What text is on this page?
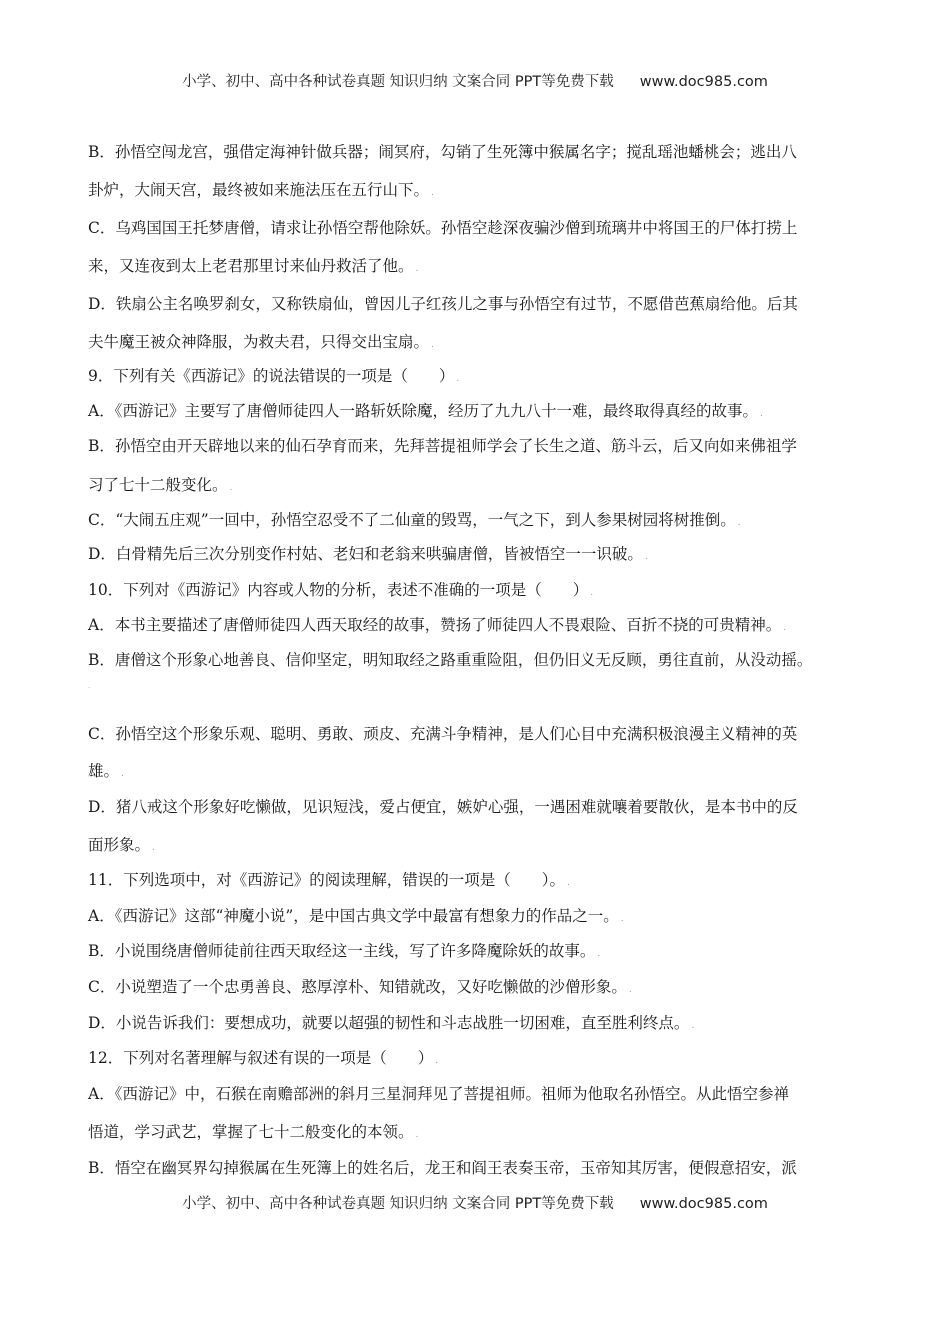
小学、初中、高中各种试卷真题 知识归纳 文案合同 PPT等免费下载 www.doc985.com
B．孙悟空闯龙宫，强借定海神针做兵器；闹冥府，勾销了生死簿中猴属名字；搅乱瑶池蟠桃会；逃出八
卦炉，大闹天宫，最终被如来施法压在五行山下。 .
C．乌鸡国国王托梦唐僧，请求让孙悟空帮他除妖。孙悟空趁深夜骗沙僧到琉璃井中将国王的尸体打捞上
来，又连夜到太上老君那里讨来仙丹救活了他。 .
D．铁扇公主名唤罗刹女，又称铁扇仙，曾因儿子红孩儿之事与孙悟空有过节，不愿借芭蕉扇给他。后其
夫牛魔王被众神降服，为救夫君，只得交出宝扇。 .
9．下列有关《西游记》的说法错误的一项是（　　） .
A．《西游记》主要写了唐僧师徒四人一路斩妖除魔，经历了九九八十一难，最终取得真经的故事。 .
B．孙悟空由开天辟地以来的仙石孕育而来，先拜菩提祖师学会了长生之道、筋斗云，后又向如来佛祖学
习了七十二般变化。 .
C．“大闹五庄观”一回中，孙悟空忍受不了二仙童的毁骂，一气之下，到人参果树园将树推倒。 .
D．白骨精先后三次分别变作村姑、老妇和老翁来哄骗唐僧，皆被悟空一一识破。 .
10．下列对《西游记》内容或人物的分析，表述不准确的一项是（　　） .
A．本书主要描述了唐僧师徒四人西天取经的故事，赞扬了师徒四人不畏艰险、百折不挠的可贵精神。 .
B．唐僧这个形象心地善良、信仰坚定，明知取经之路重重险阻，但仍旧义无反顾，勇往直前，从没动摇。
.
C．孙悟空这个形象乐观、聪明、勇敢、顽皮、充满斗争精神，是人们心目中充满积极浪漫主义精神的英
雄。 .
D．猪八戒这个形象好吃懒做，见识短浅，爱占便宜，嫉妒心强，一遇困难就嚷着要散伙，是本书中的反
面形象。 .
11．下列选项中，对《西游记》的阅读理解，错误的一项是（　　）。 .
A．《西游记》这部“神魔小说”，是中国古典文学中最富有想象力的作品之一。 .
B．小说围绕唐僧师徒前往西天取经这一主线，写了许多降魔除妖的故事。 .
C．小说塑造了一个忠勇善良、憨厚淳朴、知错就改，又好吃懒做的沙僧形象。 .
D．小说告诉我们：要想成功，就要以超强的韧性和斗志战胜一切困难，直至胜利终点。 .
12．下列对名著理解与叙述有误的一项是（　　） .
A．《西游记》中，石猴在南赡部洲的斜月三星洞拜见了菩提祖师。祖师为他取名孙悟空。从此悟空参禅
悟道，学习武艺，掌握了七十二般变化的本领。 .
B．悟空在幽冥界勾掉猴属在生死簿上的姓名后，龙王和阎王表奏玉帝，玉帝知其厉害，便假意招安，派
小学、初中、高中各种试卷真题 知识归纳 文案合同 PPT等免费下载 www.doc985.com
